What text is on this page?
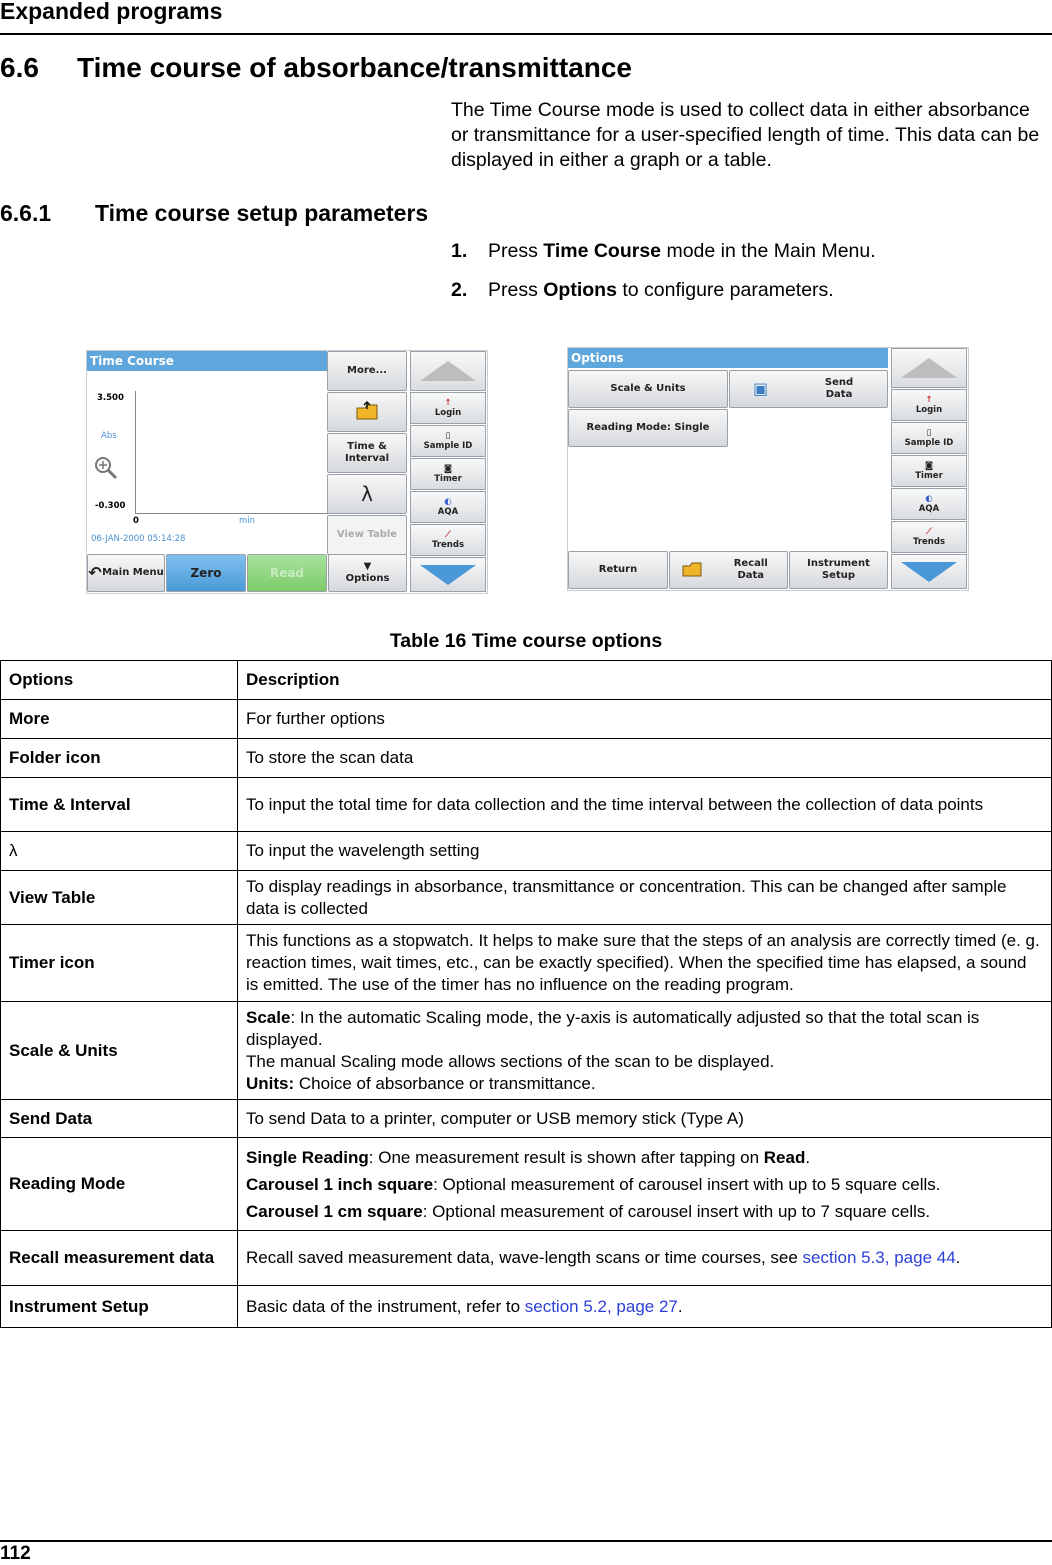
Expanded programs
6.6 Time course of absorbance/transmittance
The Time Course mode is used to collect data in either absorbance or transmittance for a user-specified length of time. This data can be displayed in either a graph or a table.
6.6.1 Time course setup parameters
1. Press Time Course mode in the Main Menu.
2. Press Options to configure parameters.
Time Course
3.500
Abs
-0.300
0	min
06-JAN-2000 05:14:28
More...
Time & Interval
λ
View Table
↶ Main Menu	Zero	Read	▼
Options
↑
Login
▯
Sample ID
◙
Timer
◐
AQA
⟋
Trends
Options
Scale & Units	▣	Send Data
Reading Mode: Single
Return
Recall Data
Instrument Setup
↑
Login
▯
Sample ID
◙
Timer
◐
AQA
⟋
Trends
Table 16 Time course options
Options	Description
More	For further options
Folder icon	To store the scan data
Time & Interval	To input the total time for data collection and the time interval between the collection of data points
λ	To input the wavelength setting
View Table	To display readings in absorbance, transmittance or concentration. This can be changed after sample data is collected
Timer icon	This functions as a stopwatch. It helps to make sure that the steps of an analysis are correctly timed (e. g. reaction times, wait times, etc., can be exactly specified). When the specified time has elapsed, a sound is emitted. The use of the timer has no influence on the reading program.
Scale & Units	Scale: In the automatic Scaling mode, the y-axis is automatically adjusted so that the total scan is displayed.

The manual Scaling mode allows sections of the scan to be displayed.

Units: Choice of absorbance or transmittance.

Send Data	To send Data to a printer, computer or USB memory stick (Type A)
Reading Mode	Single Reading: One measurement result is shown after tapping on Read.

Carousel 1 inch square: Optional measurement of carousel insert with up to 5 square cells.

Carousel 1 cm square: Optional measurement of carousel insert with up to 7 square cells.

Recall measurement data	Recall saved measurement data, wave-length scans or time courses, see section 5.3, page 44.
Instrument Setup	Basic data of the instrument, refer to section 5.2, page 27.
112
